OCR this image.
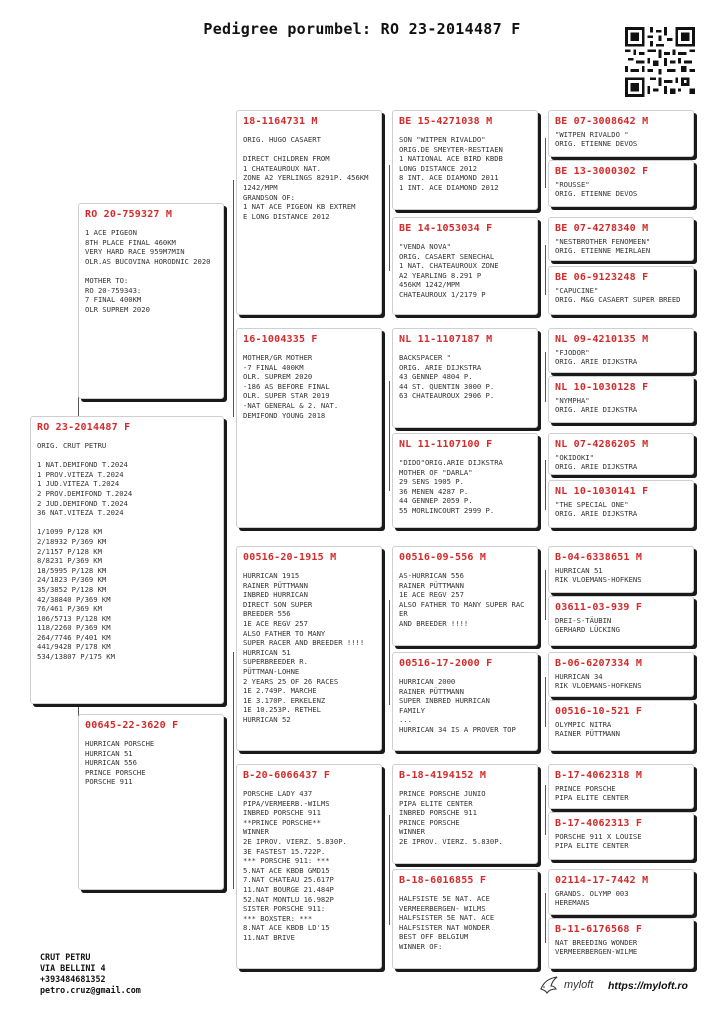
Pedigree porumbel: RO 23-2014487 F
RO 23-2014487 F
ORIG. CRUT PETRU

1 NAT.DEMIFOND T.2024
1 PROV.VITEZA T.2024
1 JUD.VITEZA T.2024
2 PROV.DEMIFOND T.2024
2 JUD.DEMIFOND T.2024
36 NAT.VITEZA T.2024

1/1099 P/128 KM
2/18932 P/369 KM
2/1157 P/128 KM
8/8231 P/369 KM
18/5995 P/128 KM
24/1823 P/369 KM
35/3852 P/128 KM
42/38840 P/369 KM
76/461 P/369 KM
106/5713 P/128 KM
118/2260 P/369 KM
264/7746 P/401 KM
441/9428 P/178 KM
534/13807 P/175 KM
RO 20-759327 M
1 ACE PIGEON
8TH PLACE FINAL 460KM
VERY HARD RACE 959M7MIN
OLR.AS BUCOVINA HORODNIC 2020

MOTHER TO:
RO 20-759343:
7 FINAL 400KM
OLR SUPREM 2020
00645-22-3620 F
HURRICAN PORSCHE
HURRICAN 51
HURRICAN 556
PRINCE PORSCHE
PORSCHE 911
18-1164731 M
ORIG. HUGO CASAERT

DIRECT CHILDREN FROM
1 CHATEAUROUX NAT.
ZONE A2 YERLINGS 8291P. 456KM
1242/MPM
GRANDSON OF:
1 NAT ACE PIGEON KB EXTREM
E LONG DISTANCE 2012
16-1004335 F
MOTHER/GR MOTHER
-7 FINAL 400KM
OLR. SUPREM 2020
-186 AS BEFORE FINAL
OLR. SUPER STAR 2019
-NAT GENERAL & 2. NAT.
DEMIFOND YOUNG 2018
00516-20-1915 M
HURRICAN 1915
RAINER PÜTTMANN
INBRED HURRICAN
DIRECT SON SUPER
BREEDER 556
1E ACE REGV 257
ALSO FATHER TO MANY
SUPER RACER AND BREEDER !!!!
HURRICAN 51
SUPERBREEDER R.
PÜTTMAN-LOHNE
2 YEARS 25 OF 26 RACES
1E 2.749P. MARCHE
1E 3.170P. ERKELENZ
1E 10.253P. RETHEL
HURRICAN 52
B-20-6066437 F
PORSCHE LADY 437
PIPA/VERMEERB.-WILMS
INBRED PORSCHE 911
**PRINCE PORSCHE**
WINNER
2E IPROV. VIERZ. 5.830P.
3E FASTEST 15.722P.
*** PORSCHE 911: ***
5.NAT ACE KBDB GMD15
7.NAT CHATEAU 25.617P
11.NAT BOURGE 21.484P
52.NAT MONTLU 16.982P
SISTER PORSCHE 911:
*** BOXSTER: ***
8.NAT ACE KBDB LD'15
11.NAT BRIVE
BE 15-4271038 M
SON "WITPEN RIVALDO"
ORIG.DE SMEYTER-RESTIAEN
1 NATIONAL ACE BIRD KBDB
LONG DISTANCE 2012
8 INT. ACE DIAMOND 2011
1 INT. ACE DIAMOND 2012
BE 14-1053034 F
"VENDA NOVA"
ORIG. CASAERT SENECHAL
1 NAT. CHATEAUROUX ZONE
A2 YEARLING 8.291 P
456KM 1242/MPM
CHATEAUROUX 1/2179 P
NL 11-1107187 M
BACKSPACER "
ORIG. ARIE DIJKSTRA
43 GENNEP 4804 P.
44 ST. QUENTIN 3000 P.
63 CHATEAUROUX 2906 P.
NL 11-1107100 F
"DIDO"ORIG.ARIE DIJKSTRA
MOTHER OF "DARLA"
29 SENS 1905 P.
36 MENEN 4287 P.
44 GENNEP 2059 P.
55 MORLINCOURT 2999 P.
00516-09-556 M
AS-HURRICAN 556
RAINER PÜTTMANN
1E ACE REGV 257
ALSO FATHER TO MANY SUPER RAC
ER
AND BREEDER !!!!
00516-17-2000 F
HURRICAN 2000
RAINER PÜTTMANN
SUPER INBRED HURRICAN
FAMILY
...
HURRICAN 34 IS A PROVER TOP
B-18-4194152 M
PRINCE PORSCHE JUNIO
PIPA ELITE CENTER
INBRED PORSCHE 911
PRINCE PORSCHE
WINNER
2E IPROV. VIERZ. 5.830P.
B-18-6016855 F
HALFSISTE 5E NAT. ACE
VERMEERBERGEN- WILMS
HALFSISTER 5E NAT. ACE
HALFSISTER NAT WONDER
BEST OFF BELGIUM
WINNER OF:
BE 07-3008642 M
"WITPEN RIVALDO "
ORIG. ETIENNE DEVOS
BE 13-3000302 F
"ROUSSE"
ORIG. ETIENNE DEVOS
BE 07-4278340 M
"NESTBROTHER FENOMEEN"
ORIG. ETIENNE MEIRLAEN
BE 06-9123248 F
"CAPUCINE"
ORIG. M&G CASAERT SUPER BREED
NL 09-4210135 M
"FJODOR"
ORIG. ARIE DIJKSTRA
NL 10-1030128 F
"NYMPHA"
ORIG. ARIE DIJKSTRA
NL 07-4286205 M
"OKIDOKI"
ORIG. ARIE DIJKSTRA
NL 10-1030141 F
"THE SPECIAL ONE"
ORIG. ARIE DIJKSTRA
B-04-6338651 M
HURRICAN 51
RIK VLOEMANS-HOFKENS
03611-03-939 F
DREI-S-TÄUBIN
GERHARD LÜCKING
B-06-6207334 M
HURRICAN 34
RIK VLOEMANS-HOFKENS
00516-10-521 F
OLYMPIC NITRA
RAINER PÜTTMANN
B-17-4062318 M
PRINCE PORSCHE
PIPA ELITE CENTER
B-17-4062313 F
PORSCHE 911 X LOUISE
PIPA ELITE CENTER
02114-17-7442 M
GRANDS. OLYMP 003
HEREMANS
B-11-6176568 F
NAT BREEDING WONDER
VERMEERBERGEN-WILME
CRUT PETRU
VIA BELLINI 4
+393484681352
petro.cruz@gmail.com	myloft https://myloft.ro
